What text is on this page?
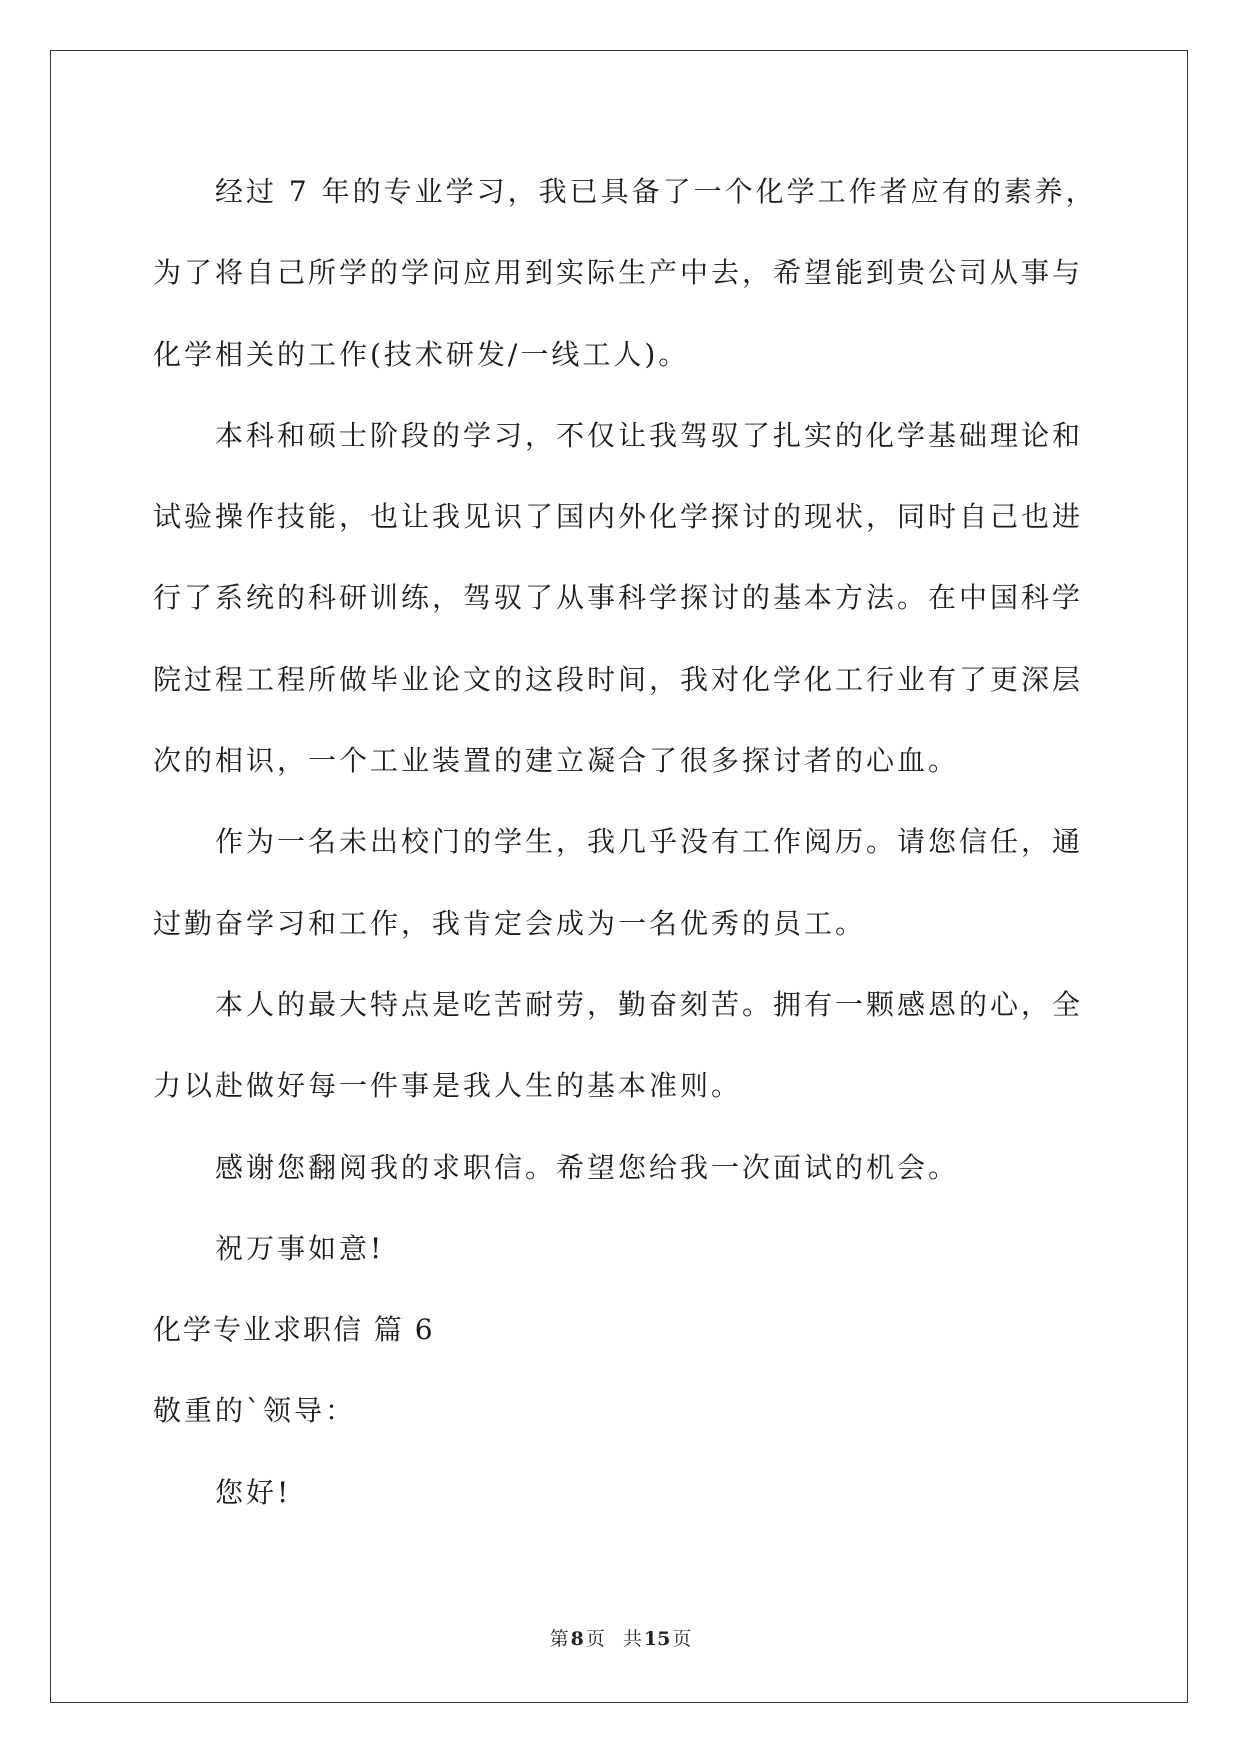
经过 7 年的专业学习，我已具备了一个化学工作者应有的素养，
为了将自己所学的学问应用到实际生产中去，希望能到贵公司从事与
化学相关的工作(技术研发/一线工人)。
本科和硕士阶段的学习，不仅让我驾驭了扎实的化学基础理论和
试验操作技能，也让我见识了国内外化学探讨的现状，同时自己也进
行了系统的科研训练，驾驭了从事科学探讨的基本方法。在中国科学
院过程工程所做毕业论文的这段时间，我对化学化工行业有了更深层
次的相识，一个工业装置的建立凝合了很多探讨者的心血。
作为一名未出校门的学生，我几乎没有工作阅历。请您信任，通
过勤奋学习和工作，我肯定会成为一名优秀的员工。
本人的最大特点是吃苦耐劳，勤奋刻苦。拥有一颗感恩的心，全
力以赴做好每一件事是我人生的基本准则。
感谢您翻阅我的求职信。希望您给我一次面试的机会。
祝万事如意!
化学专业求职信 篇 6
敬重的`领导：
您好!
第 8 页 共 15 页
